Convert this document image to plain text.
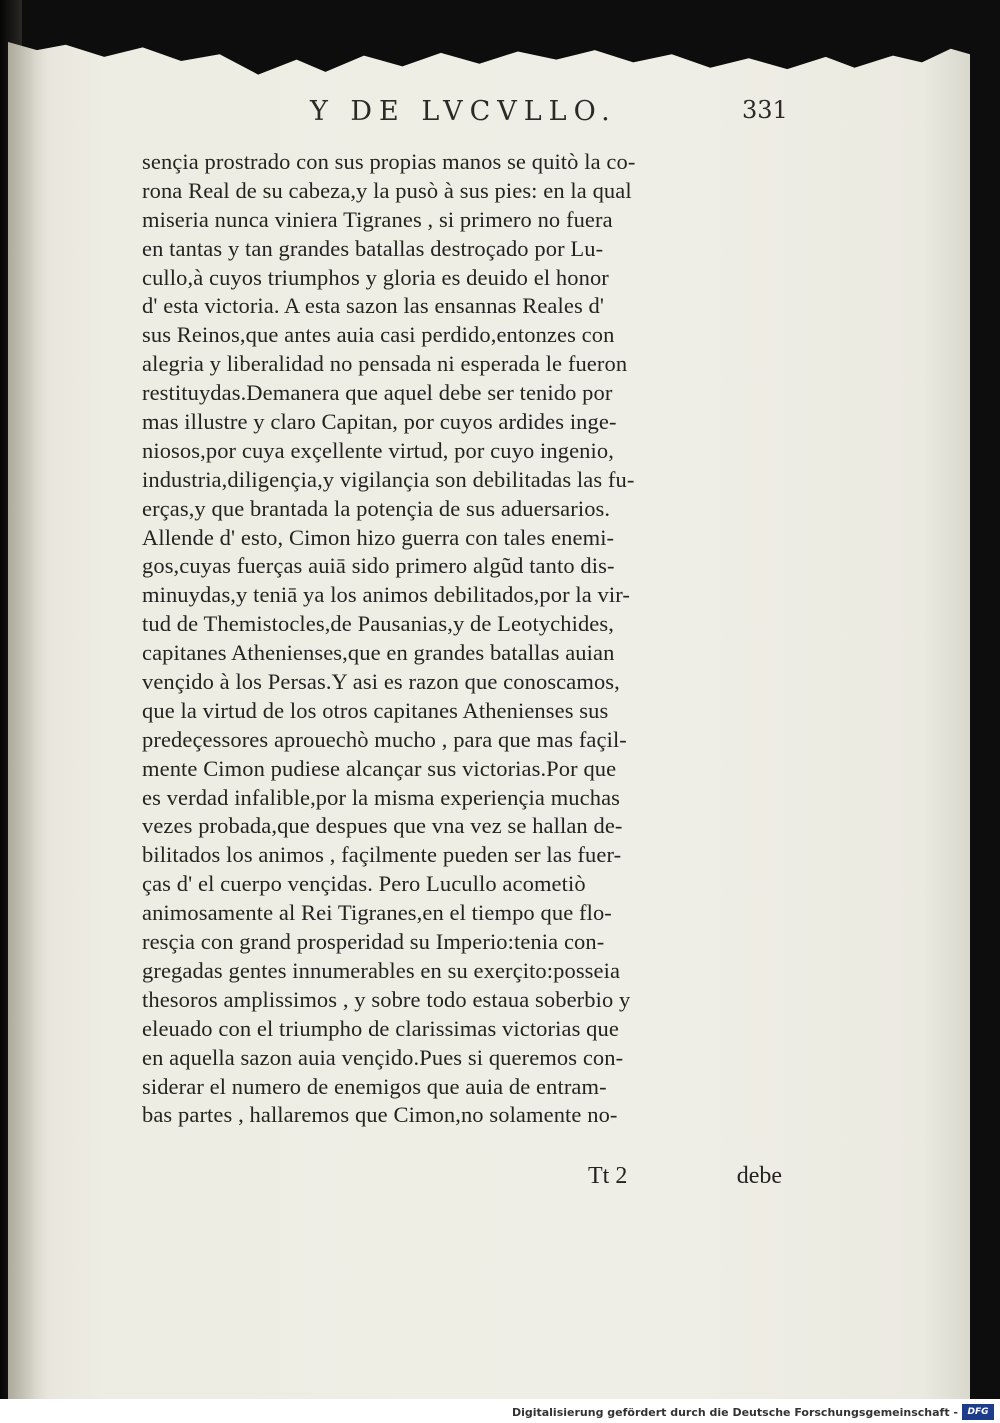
Y DE LVCVLLO.	331
sençia prostrado con sus propias manos se quitò la co-
rona Real de su cabeza,y la pusò à sus pies: en la qual
miseria nunca viniera Tigranes , si primero no fuera
en tantas y tan grandes batallas destroçado por Lu-
cullo,à cuyos triumphos y gloria es deuido el honor
d' esta victoria. A esta sazon las ensannas Reales d'
sus Reinos,que antes auia casi perdido,entonzes con
alegria y liberalidad no pensada ni esperada le fueron
restituydas.Demanera que aquel debe ser tenido por
mas illustre y claro Capitan, por cuyos ardides inge-
niosos,por cuya exçellente virtud, por cuyo ingenio,
industria,diligençia,y vigilançia son debilitadas las fu-
erças,y que brantada la potençia de sus aduersarios.
Allende d' esto, Cimon hizo guerra con tales enemi-
gos,cuyas fuerças auiā sido primero algũd tanto dis-
minuydas,y teniā ya los animos debilitados,por la vir-
tud de Themistocles,de Pausanias,y de Leotychides,
capitanes Athenienses,que en grandes batallas auian
vençido à los Persas.Y asi es razon que conoscamos,
que la virtud de los otros capitanes Athenienses sus
predeçessores aprouechò mucho , para que mas façil-
mente Cimon pudiese alcançar sus victorias.Por que
es verdad infalible,por la misma experiençia muchas
vezes probada,que despues que vna vez se hallan de-
bilitados los animos , façilmente pueden ser las fuer-
ças d' el cuerpo vençidas. Pero Lucullo acometiò
animosamente al Rei Tigranes,en el tiempo que flo-
resçia con grand prosperidad su Imperio:tenia con-
gregadas gentes innumerables en su exerçito:posseia
thesoros amplissimos , y sobre todo estaua soberbio y
eleuado con el triumpho de clarissimas victorias que
en aquella sazon auia vençido.Pues si queremos con-
siderar el numero de enemigos que auia de entram-
bas partes , hallaremos que Cimon,no solamente no-
Tt 2	debe
Digitalisierung gefördert durch die Deutsche Forschungsgemeinschaft -	DFG
